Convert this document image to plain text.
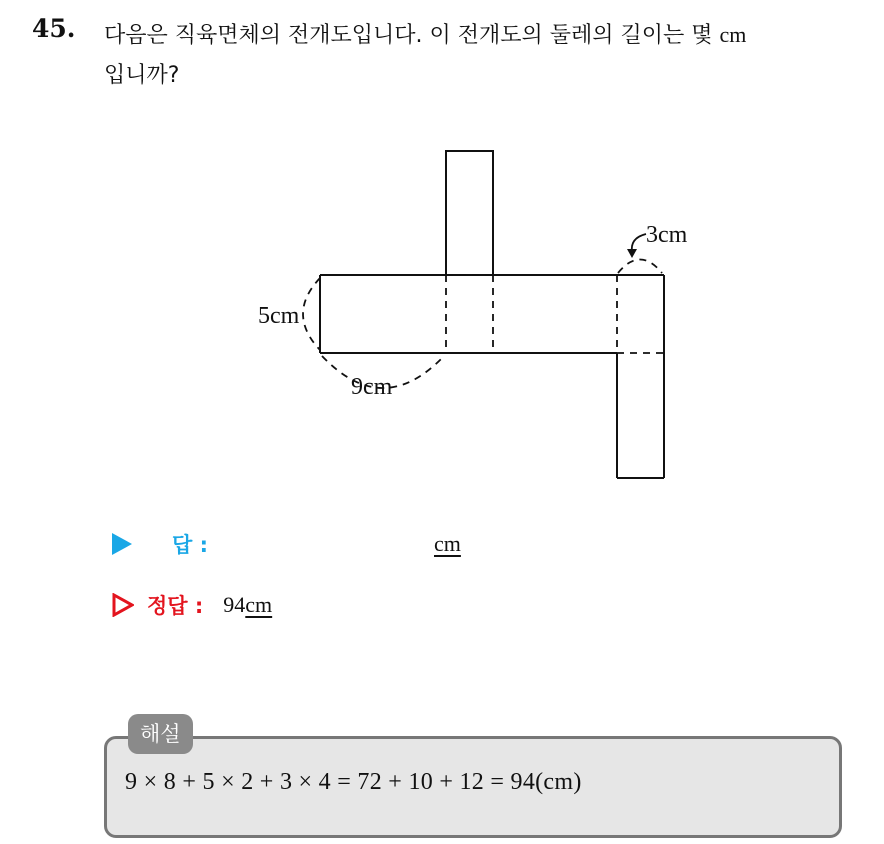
45. 다음은 직육면체의 전개도입니다. 이 전개도의 둘레의 길이는 몇 cm
입니까?
3cm
5cm
9cm
답 :	cm
정답 : 94 cm
해설
9 × 8 + 5 × 2 + 3 × 4 = 72 + 10 + 12 = 94(cm)
